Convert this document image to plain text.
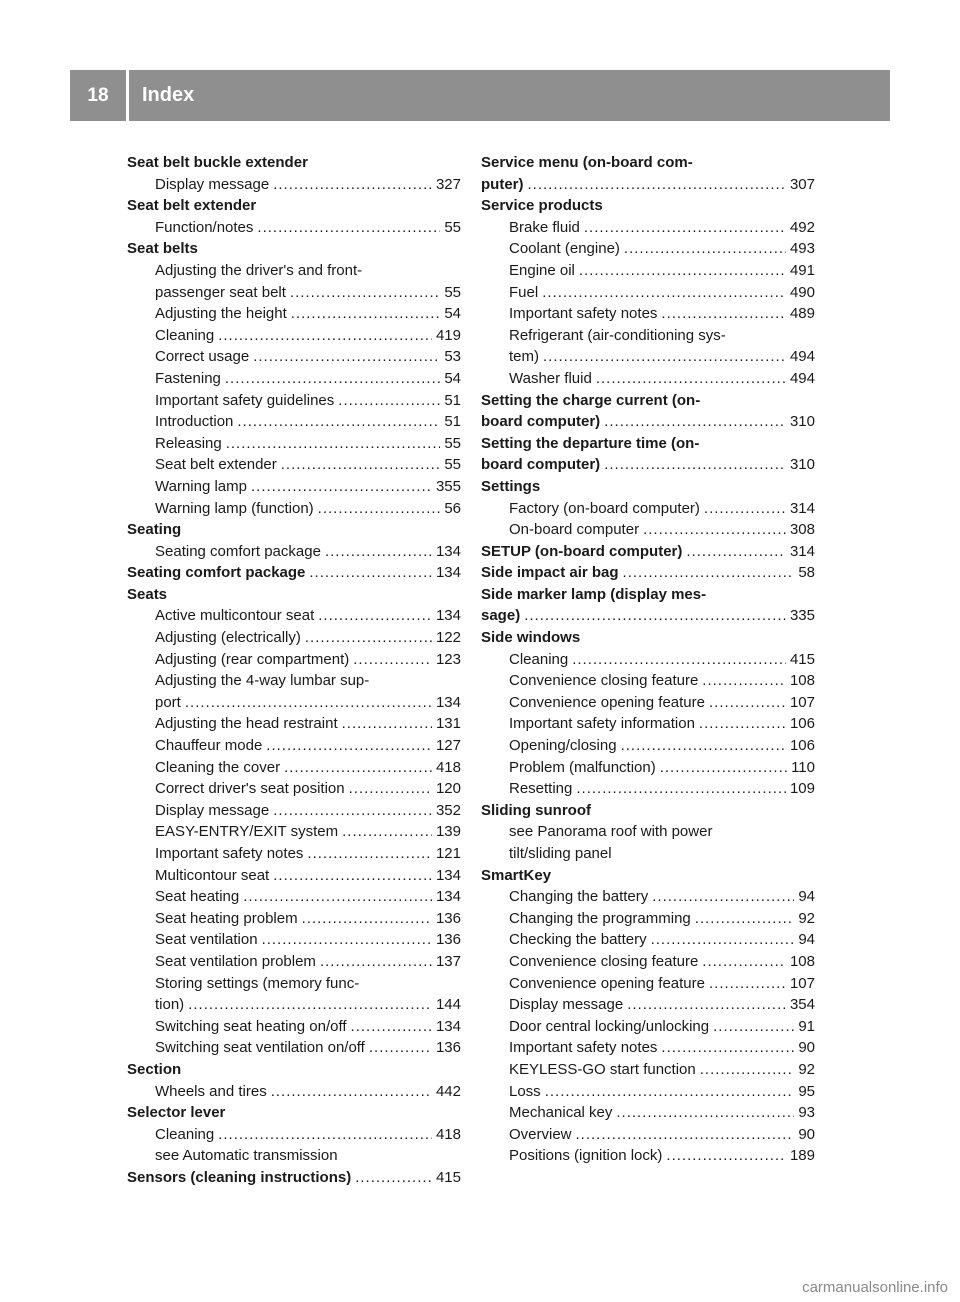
18	Index
Seat belt buckle extender
Display message .....	327
Seat belt extender
Function/notes .....	55
Seat belts
Adjusting the driver's and front-
passenger seat belt .....	55
Adjusting the height .....	54
Cleaning .....	419
Correct usage .....	53
Fastening .....	54
Important safety guidelines .....	51
Introduction .....	51
Releasing .....	55
Seat belt extender .....	55
Warning lamp .....	355
Warning lamp (function) .....	56
Seating
Seating comfort package .....	134
Seating comfort package .....	134
Seats
Active multicontour seat .....	134
Adjusting (electrically) .....	122
Adjusting (rear compartment) .....	123
Adjusting the 4-way lumbar sup-
port .....	134
Adjusting the head restraint .....	131
Chauffeur mode .....	127
Cleaning the cover .....	418
Correct driver's seat position .....	120
Display message .....	352
EASY-ENTRY/EXIT system .....	139
Important safety notes .....	121
Multicontour seat .....	134
Seat heating .....	134
Seat heating problem .....	136
Seat ventilation .....	136
Seat ventilation problem .....	137
Storing settings (memory func-
tion) .....	144
Switching seat heating on/off .....	134
Switching seat ventilation on/off .....	136
Section
Wheels and tires .....	442
Selector lever
Cleaning .....	418
see Automatic transmission
Sensors (cleaning instructions) .....	415
Service menu (on-board com-
puter) .....	307
Service products
Brake fluid .....	492
Coolant (engine) .....	493
Engine oil .....	491
Fuel .....	490
Important safety notes .....	489
Refrigerant (air-conditioning sys-
tem) .....	494
Washer fluid .....	494
Setting the charge current (on-
board computer) .....	310
Setting the departure time (on-
board computer) .....	310
Settings
Factory (on-board computer) .....	314
On-board computer .....	308
SETUP (on-board computer) .....	314
Side impact air bag .....	58
Side marker lamp (display mes-
sage) .....	335
Side windows
Cleaning .....	415
Convenience closing feature .....	108
Convenience opening feature .....	107
Important safety information .....	106
Opening/closing .....	106
Problem (malfunction) .....	110
Resetting .....	109
Sliding sunroof
see Panorama roof with power
tilt/sliding panel
SmartKey
Changing the battery .....	94
Changing the programming .....	92
Checking the battery .....	94
Convenience closing feature .....	108
Convenience opening feature .....	107
Display message .....	354
Door central locking/unlocking .....	91
Important safety notes .....	90
KEYLESS-GO start function .....	92
Loss .....	95
Mechanical key .....	93
Overview .....	90
Positions (ignition lock) .....	189
carmanualsonline.info
